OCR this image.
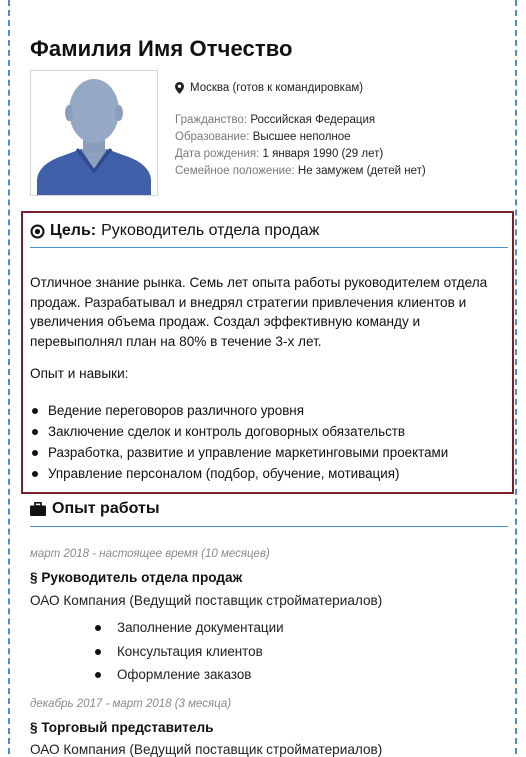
Фамилия Имя Отчество
Москва (готов к командировкам)
Гражданство: Российская Федерация
Образование: Высшее неполное
Дата рождения: 1 января 1990 (29 лет)
Семейное положение: Не замужем (детей нет)
Цель: Руководитель отдела продаж
Отличное знание рынка. Семь лет опыта работы руководителем отдела продаж. Разрабатывал и внедрял стратегии привлечения клиентов и увеличения объема продаж. Создал эффективную команду и перевыполнял план на 80% в течение 3-х лет.
Опыт и навыки:
Ведение переговоров различного уровня
Заключение сделок и контроль договорных обязательств
Разработка, развитие и управление маркетинговыми проектами
Управление персоналом (подбор, обучение, мотивация)
Опыт работы
март 2018 - настоящее время (10 месяцев)
§ Руководитель отдела продаж
ОАО Компания (Ведущий поставщик стройматериалов)
Заполнение документации
Консультация клиентов
Оформление заказов
декабрь 2017 - март 2018 (3 месяца)
§ Торговый представитель
ОАО Компания (Ведущий поставщик стройматериалов)
